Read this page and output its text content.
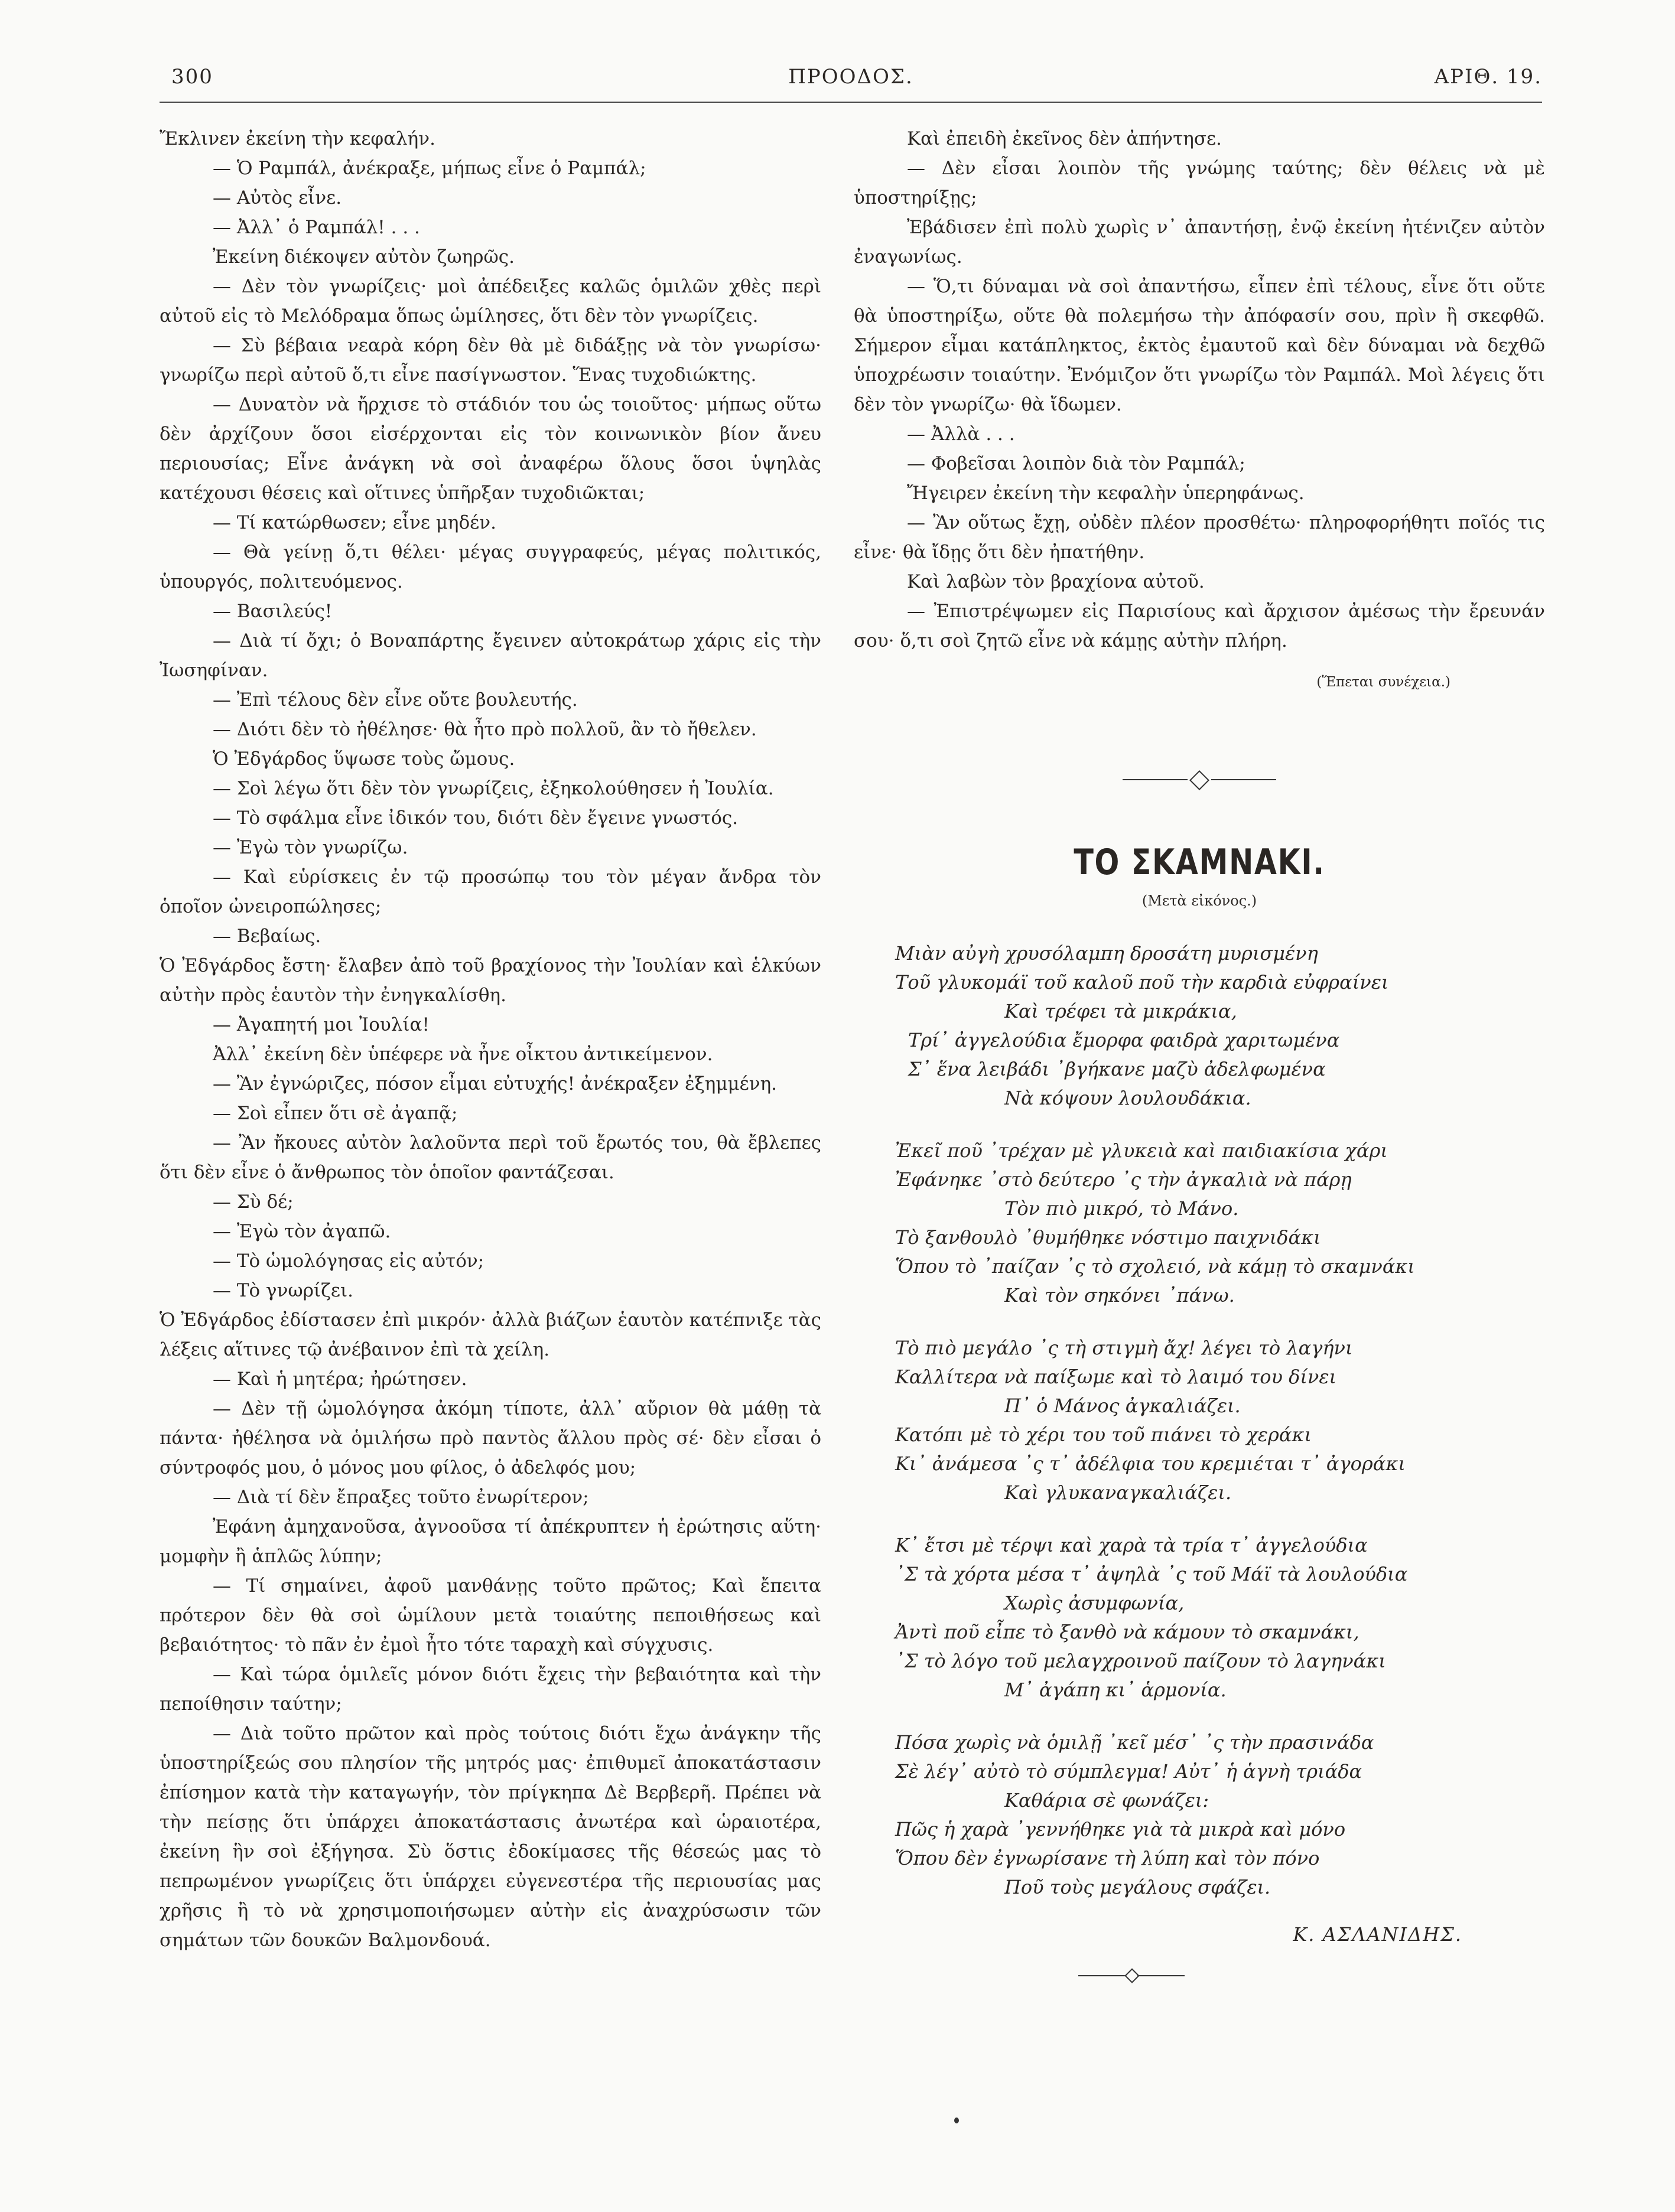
300	ΠΡΟΟΔΟΣ.	ΑΡΙΘ. 19.

Ἔκλινεν ἐκείνη τὴν κεφαλήν.

— Ὁ Ραμπάλ, ἀνέκραξε, μήπως εἶνε ὁ Ραμπάλ;

— Αὐτὸς εἶνε.

— Ἀλλ᾽ ὁ Ραμπάλ! . . .

Ἐκείνη διέκοψεν αὐτὸν ζωηρῶς.

— Δὲν τὸν γνωρίζεις· μοὶ ἀπέδειξες καλῶς ὁμιλῶν χθὲς περὶ αὐτοῦ εἰς τὸ Μελόδραμα ὅπως ὡμίλησες, ὅτι δὲν τὸν γνωρίζεις.

— Σὺ βέβαια νεαρὰ κόρη δὲν θὰ μὲ διδάξῃς νὰ τὸν γνωρίσω· γνωρίζω περὶ αὐτοῦ ὅ,τι εἶνε πασίγνωστον. Ἕνας τυχοδιώκτης.

— Δυνατὸν νὰ ἤρχισε τὸ στάδιόν του ὡς τοιοῦτος· μήπως οὕτω δὲν ἀρχίζουν ὅσοι εἰσέρχονται εἰς τὸν κοινωνικὸν βίον ἄνευ περιουσίας; Εἶνε ἀνάγκη νὰ σοὶ ἀναφέρω ὅλους ὅσοι ὑψηλὰς κατέχουσι θέσεις καὶ οἵτινες ὑπῆρξαν τυχοδιῶκται;

— Τί κατώρθωσεν; εἶνε μηδέν.

— Θὰ γείνῃ ὅ,τι θέλει· μέγας συγγραφεύς, μέγας πολιτικός, ὑπουργός, πολιτευόμενος.

— Βασιλεύς!

— Διὰ τί ὄχι; ὁ Βοναπάρτης ἔγεινεν αὐτοκράτωρ χάρις εἰς τὴν Ἰωσηφίναν.

— Ἐπὶ τέλους δὲν εἶνε οὔτε βουλευτής.

— Διότι δὲν τὸ ἠθέλησε· θὰ ἦτο πρὸ πολλοῦ, ἂν τὸ ἤθελεν.

Ὁ Ἐδγάρδος ὕψωσε τοὺς ὤμους.

— Σοὶ λέγω ὅτι δὲν τὸν γνωρίζεις, ἐξηκολούθησεν ἡ Ἰουλία.

— Τὸ σφάλμα εἶνε ἰδικόν του, διότι δὲν ἔγεινε γνωστός.

— Ἐγὼ τὸν γνωρίζω.

— Καὶ εὑρίσκεις ἐν τῷ προσώπῳ του τὸν μέγαν ἄνδρα τὸν ὁποῖον ὠνειροπώλησες;

— Βεβαίως.

Ὁ Ἐδγάρδος ἔστη· ἔλαβεν ἀπὸ τοῦ βραχίονος τὴν Ἰουλίαν καὶ ἑλκύων αὐτὴν πρὸς ἑαυτὸν τὴν ἐνηγκαλίσθη.

— Ἀγαπητή μοι Ἰουλία!

Ἀλλ᾽ ἐκείνη δὲν ὑπέφερε νὰ ἦνε οἶκτου ἀντικείμενον.

— Ἂν ἐγνώριζες, πόσον εἶμαι εὐτυχής! ἀνέκραξεν ἐξημμένη.

— Σοὶ εἶπεν ὅτι σὲ ἀγαπᾷ;

— Ἂν ἤκουες αὐτὸν λαλοῦντα περὶ τοῦ ἔρωτός του, θὰ ἔβλεπες ὅτι δὲν εἶνε ὁ ἄνθρωπος τὸν ὁποῖον φαντάζεσαι.

— Σὺ δέ;

— Ἐγὼ τὸν ἀγαπῶ.

— Τὸ ὡμολόγησας εἰς αὐτόν;

— Τὸ γνωρίζει.

Ὁ Ἐδγάρδος ἐδίστασεν ἐπὶ μικρόν· ἀλλὰ βιάζων ἑαυτὸν κατέπνιξε τὰς λέξεις αἵτινες τῷ ἀνέβαινον ἐπὶ τὰ χείλη.

— Καὶ ἡ μητέρα; ἠρώτησεν.

— Δὲν τῇ ὡμολόγησα ἀκόμη τίποτε, ἀλλ᾽ αὔριον θὰ μάθῃ τὰ πάντα· ἠθέλησα νὰ ὁμιλήσω πρὸ παντὸς ἄλλου πρὸς σέ· δὲν εἶσαι ὁ σύντροφός μου, ὁ μόνος μου φίλος, ὁ ἀδελφός μου;

— Διὰ τί δὲν ἔπραξες τοῦτο ἐνωρίτερον;

Ἐφάνη ἀμηχανοῦσα, ἀγνοοῦσα τί ἀπέκρυπτεν ἡ ἐρώτησις αὕτη· μομφὴν ἢ ἁπλῶς λύπην;

— Τί σημαίνει, ἀφοῦ μανθάνῃς τοῦτο πρῶτος; Καὶ ἔπειτα πρότερον δὲν θὰ σοὶ ὡμίλουν μετὰ τοιαύτης πεποιθήσεως καὶ βεβαιότητος· τὸ πᾶν ἐν ἐμοὶ ἦτο τότε ταραχὴ καὶ σύγχυσις.

— Καὶ τώρα ὁμιλεῖς μόνον διότι ἔχεις τὴν βεβαιότητα καὶ τὴν πεποίθησιν ταύτην;

— Διὰ τοῦτο πρῶτον καὶ πρὸς τούτοις διότι ἔχω ἀνάγκην τῆς ὑποστηρίξεώς σου πλησίον τῆς μητρός μας· ἐπιθυμεῖ ἀποκατάστασιν ἐπίσημον κατὰ τὴν καταγωγήν, τὸν πρίγκηπα Δὲ Βερβερῆ. Πρέπει νὰ τὴν πείσῃς ὅτι ὑπάρχει ἀποκατάστασις ἀνωτέρα καὶ ὡραιοτέρα, ἐκείνη ἣν σοὶ ἐξήγησα. Σὺ ὅστις ἐδοκίμασες τῆς θέσεώς μας τὸ πεπρωμένον γνωρίζεις ὅτι ὑπάρχει εὐγενεστέρα τῆς περιουσίας μας χρῆσις ἢ τὸ νὰ χρησιμοποιήσωμεν αὐτὴν εἰς ἀναχρύσωσιν τῶν σημάτων τῶν δουκῶν Βαλμονδουά.

Καὶ ἐπειδὴ ἐκεῖνος δὲν ἀπήντησε.

— Δὲν εἶσαι λοιπὸν τῆς γνώμης ταύτης; δὲν θέλεις νὰ μὲ ὑποστηρίξῃς;

Ἐβάδισεν ἐπὶ πολὺ χωρὶς ν᾽ ἀπαντήσῃ, ἐνῷ ἐκείνη ἠτένιζεν αὐτὸν ἐναγωνίως.

— Ὅ,τι δύναμαι νὰ σοὶ ἀπαντήσω, εἶπεν ἐπὶ τέλους, εἶνε ὅτι οὔτε θὰ ὑποστηρίξω, οὔτε θὰ πολεμήσω τὴν ἀπόφασίν σου, πρὶν ἢ σκεφθῶ. Σήμερον εἶμαι κατάπληκτος, ἐκτὸς ἐμαυτοῦ καὶ δὲν δύναμαι νὰ δεχθῶ ὑποχρέωσιν τοιαύτην. Ἐνόμιζον ὅτι γνωρίζω τὸν Ραμπάλ. Μοὶ λέγεις ὅτι δὲν τὸν γνωρίζω· θὰ ἴδωμεν.

— Ἀλλὰ . . .

— Φοβεῖσαι λοιπὸν διὰ τὸν Ραμπάλ;

Ἤγειρεν ἐκείνη τὴν κεφαλὴν ὑπερηφάνως.

— Ἂν οὕτως ἔχῃ, οὐδὲν πλέον προσθέτω· πληροφορήθητι ποῖός τις εἶνε· θὰ ἴδῃς ὅτι δὲν ἠπατήθην.

Καὶ λαβὼν τὸν βραχίονα αὐτοῦ.

— Ἐπιστρέψωμεν εἰς Παρισίους καὶ ἄρχισον ἀμέσως τὴν ἔρευνάν σου· ὅ,τι σοὶ ζητῶ εἶνε νὰ κάμῃς αὐτὴν πλήρη.

(Ἕπεται συνέχεια.)
ΤΟ ΣΚΑΜΝΑΚΙ.
(Μετὰ εἰκόνος.)
Μιὰν αὐγὴ χρυσόλαμπη δροσάτη μυρισμένη
Τοῦ γλυκομάϊ τοῦ καλοῦ ποῦ τὴν καρδιὰ εὐφραίνει
Καὶ τρέφει τὰ μικράκια,
Τρί᾽ ἀγγελούδια ἔμορφα φαιδρὰ χαριτωμένα
Σ᾽ ἕνα λειβάδι ᾽βγήκανε μαζὺ ἀδελφωμένα
Νὰ κόψουν λουλουδάκια.
Ἐκεῖ ποῦ ᾽τρέχαν μὲ γλυκειὰ καὶ παιδιακίσια χάρι
Ἐφάνηκε ᾽στὸ δεύτερο ᾽ς τὴν ἀγκαλιὰ νὰ πάρῃ
Τὸν πιὸ μικρό, τὸ Μάνο.
Τὸ ξανθουλὸ ᾽θυμήθηκε νόστιμο παιχνιδάκι
Ὅπου τὸ ᾽παίζαν ᾽ς τὸ σχολειό, νὰ κάμῃ τὸ σκαμνάκι
Καὶ τὸν σηκόνει ᾽πάνω.
Τὸ πιὸ μεγάλο ᾽ς τὴ στιγμὴ ἄχ! λέγει τὸ λαγήνι
Καλλίτερα νὰ παίξωμε καὶ τὸ λαιμό του δίνει
Π᾽ ὁ Μάνος ἀγκαλιάζει.
Κατόπι μὲ τὸ χέρι του τοῦ πιάνει τὸ χεράκι
Κι᾽ ἀνάμεσα ᾽ς τ᾽ ἀδέλφια του κρεμιέται τ᾽ ἀγοράκι
Καὶ γλυκαναγκαλιάζει.
Κ᾽ ἔτσι μὲ τέρψι καὶ χαρὰ τὰ τρία τ᾽ ἀγγελούδια
᾽Σ τὰ χόρτα μέσα τ᾽ ἀψηλὰ ᾽ς τοῦ Μάϊ τὰ λουλούδια
Χωρὶς ἀσυμφωνία,
Ἀντὶ ποῦ εἶπε τὸ ξανθὸ νὰ κάμουν τὸ σκαμνάκι,
᾽Σ τὸ λόγο τοῦ μελαγχροινοῦ παίζουν τὸ λαγηνάκι
Μ᾽ ἀγάπη κι᾽ ἁρμονία.
Πόσα χωρὶς νὰ ὁμιλῇ ᾽κεῖ μέσ᾽ ᾽ς τὴν πρασινάδα
Σὲ λέγ᾽ αὐτὸ τὸ σύμπλεγμα! Αὐτ᾽ ἡ ἁγνὴ τριάδα
Καθάρια σὲ φωνάζει:
Πῶς ἡ χαρὰ ᾽γεννήθηκε γιὰ τὰ μικρὰ καὶ μόνο
Ὅπου δὲν ἐγνωρίσανε τὴ λύπη καὶ τὸν πόνο
Ποῦ τοὺς μεγάλους σφάζει.
Κ. ΑΣΛΑΝΙΔΗΣ.
